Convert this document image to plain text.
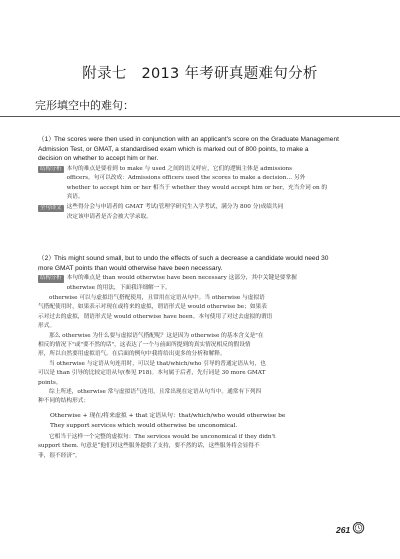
附录七　2013 年考研真题难句分析
完形填空中的难句：
（1）The scores were then used in conjunction with an applicant's score on the Graduate Management
Admission Test, or GMAT, a standardised exam which is marked out of 800 points, to make a
decision on whether to accept him or her.
结构分析 本句的难点是要看到 to make 与 used 之间的语义呼应，它们的逻辑主体是 admissions
officers。句可以改成：Admissions officers used the scores to make a decision… 另外
whether to accept him or her 相当于 whether they would accept him or her，充当介词 on 的
宾语。
全句译文 这些得分会与申请者的 GMAT 考试(管理学研究生入学考试，满分为 800 分)成绩共同
决定该申请者是否会被大学录取。
（2）This might sound small, but to undo the effects of such a decrease a candidate would need 30
more GMAT points than would otherwise have been necessary.
结构分析 本句的难点是 than would otherwise have been necessary 这部分，其中关键是要掌握
otherwise 的用法，下面我详细解一下。
otherwise 可以与虚拟语气搭配使用，且常用在定语从句中。当 otherwise 与虚拟语
气搭配使用时，如果表示对现在或将来的虚拟，谓语形式是 would otherwise be；如果表
示对过去的虚拟，谓语形式是 would otherwise have been。本句使用了对过去虚拟的谓语
形式。
那么 otherwise 为什么要与虚拟语气搭配呢？这是因为 otherwise 的基本含义是"在
相反的情况下"或"要不然的话"，这表达了一个与前面所提到的真实情况相反的假设情
形，所以自然要用虚拟语气。在后面的例句中我将给出更多的分析和解释。
当 otherwise 与定语从句连用时，可以是 that/which/who 引导的普通定语从句，也
可以是 than 引导的比较定语从句(参见 P18)。本句属于后者，先行词是 30 more GMAT
points。
综上所述，otherwise 常与虚拟语气连用，且常出现在定语从句当中。通常有下列四
种不同的结构形式：
Otherwise + 现在/将来虚拟 + that 定语从句：that/which/who would otherwise be
They support services which would otherwise be unconomical.
它相当于这样一个完整的虚拟句：The services would be unconomical if they didn't
support them. 句意是“他们对这些服务提供了支持，要不然的话，这些服务将会显得不
菲，很不经济”。
261
